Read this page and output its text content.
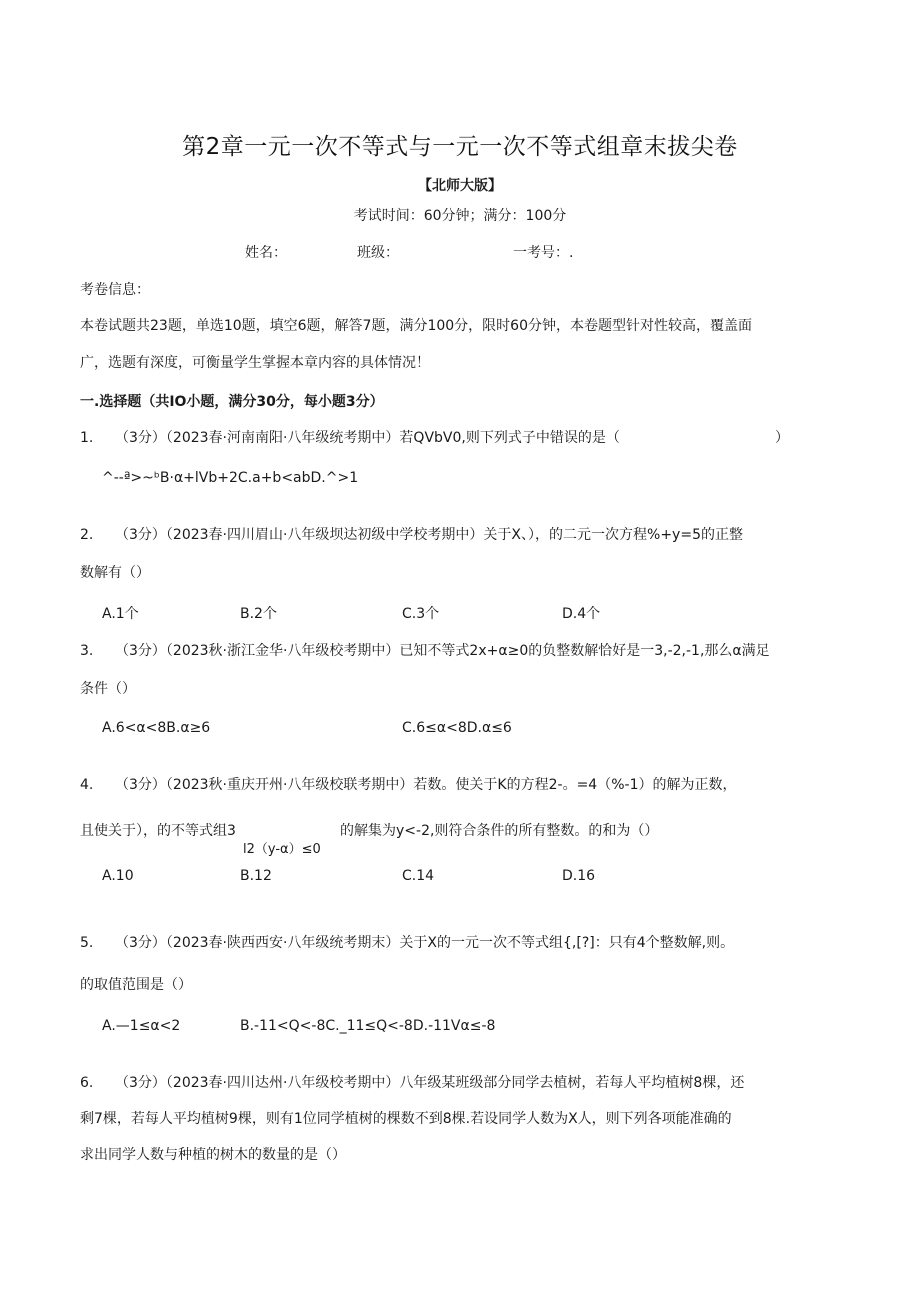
第2章一元一次不等式与一元一次不等式组章末拔尖卷
【北师大版】
考试时间：60分钟；满分：100分
姓名：	班级：	一考号：.
考卷信息：
本卷试题共23题，单选10题，填空6题，解答7题，满分100分，限时60分钟，本卷题型针对性较高，覆盖面
广，选题有深度，可衡量学生掌握本章内容的具体情况！
一.选择题（共IO小题，满分30分，每小题3分）
1. （3分）（2023春·河南南阳·八年级统考期中）若QVbV0,则下列式子中错误的是（	）
^--ª>~ᵇB·α+lVb+2C.a+b<abD.^>1
2. （3分）（2023春·四川眉山·八年级坝达初级中学校考期中）关于X、），的二元一次方程%+y=5的正整
数解有（）
A.1个	B.2个	C.3个	D.4个
3. （3分）（2023秋·浙江金华·八年级校考期中）已知不等式2x+α≥0的负整数解恰好是一3,-2,-1,那么α满足
条件（）
A.6<α<8B.α≥6	C.6≤α<8D.α≤6
4. （3分）（2023秋·重庆开州·八年级校联考期中）若数。使关于K的方程2-。=4（%-1）的解为正数，
且使关于），的不等式组3	的解集为y<-2,则符合条件的所有整数。的和为（）
l2（y-α）≤0
A.10	B.12	C.14	D.16
5. （3分）（2023春·陕西西安·八年级统考期末）关于X的一元一次不等式组{,[?]：只有4个整数解,则。
的取值范围是（）
A.—1≤α<2	B.-11<Q<-8C._11≤Q<-8D.-11Vα≤-8
6. （3分）（2023春·四川达州·八年级校考期中）八年级某班级部分同学去植树，若每人平均植树8棵，还
剩7棵，若每人平均植树9棵，则有1位同学植树的棵数不到8棵.若设同学人数为X人，则下列各项能准确的
求出同学人数与种植的树木的数量的是（）
